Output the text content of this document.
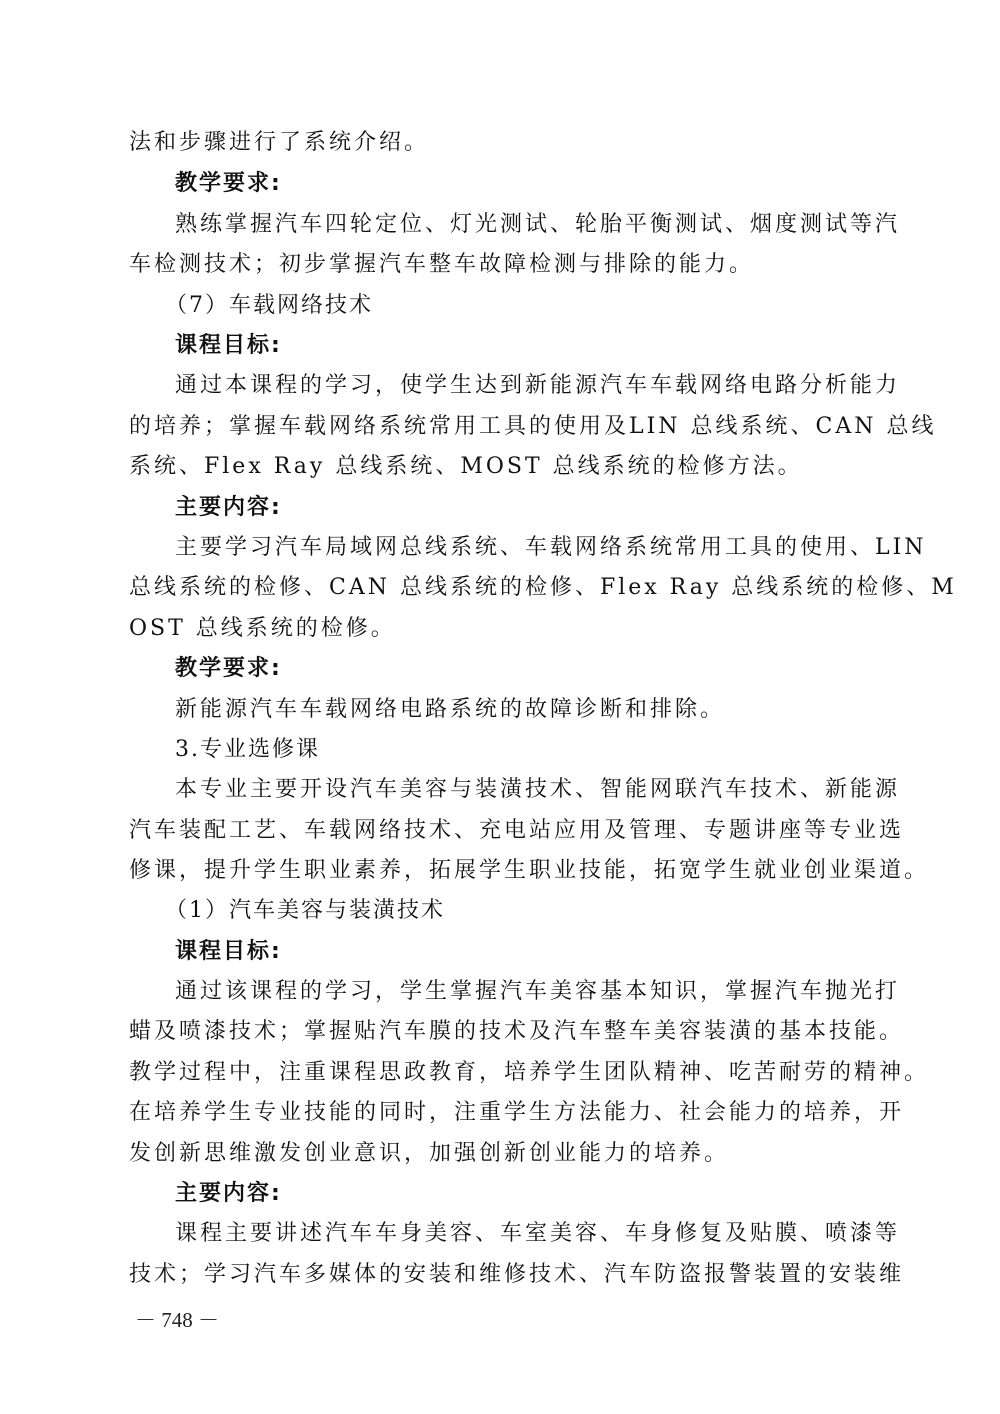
法和步骤进行了系统介绍。
教学要求:
熟练掌握汽车四轮定位、灯光测试、轮胎平衡测试、烟度测试等汽
车检测技术；初步掌握汽车整车故障检测与排除的能力。
（7）车载网络技术
课程目标:
通过本课程的学习，使学生达到新能源汽车车载网络电路分析能力
的培养；掌握车载网络系统常用工具的使用及LIN 总线系统、CAN 总线
系统、Flex Ray 总线系统、MOST 总线系统的检修方法。
主要内容:
主要学习汽车局域网总线系统、车载网络系统常用工具的使用、LIN
总线系统的检修、CAN 总线系统的检修、Flex Ray 总线系统的检修、M
OST 总线系统的检修。
教学要求:
新能源汽车车载网络电路系统的故障诊断和排除。
3.专业选修课
本专业主要开设汽车美容与装潢技术、智能网联汽车技术、新能源
汽车装配工艺、车载网络技术、充电站应用及管理、专题讲座等专业选
修课，提升学生职业素养，拓展学生职业技能，拓宽学生就业创业渠道。
（1）汽车美容与装潢技术
课程目标:
通过该课程的学习，学生掌握汽车美容基本知识，掌握汽车抛光打
蜡及喷漆技术；掌握贴汽车膜的技术及汽车整车美容装潢的基本技能。
教学过程中，注重课程思政教育，培养学生团队精神、吃苦耐劳的精神。
在培养学生专业技能的同时，注重学生方法能力、社会能力的培养，开
发创新思维激发创业意识，加强创新创业能力的培养。
主要内容:
课程主要讲述汽车车身美容、车室美容、车身修复及贴膜、喷漆等
技术；学习汽车多媒体的安装和维修技术、汽车防盗报警装置的安装维
－ 748 －
